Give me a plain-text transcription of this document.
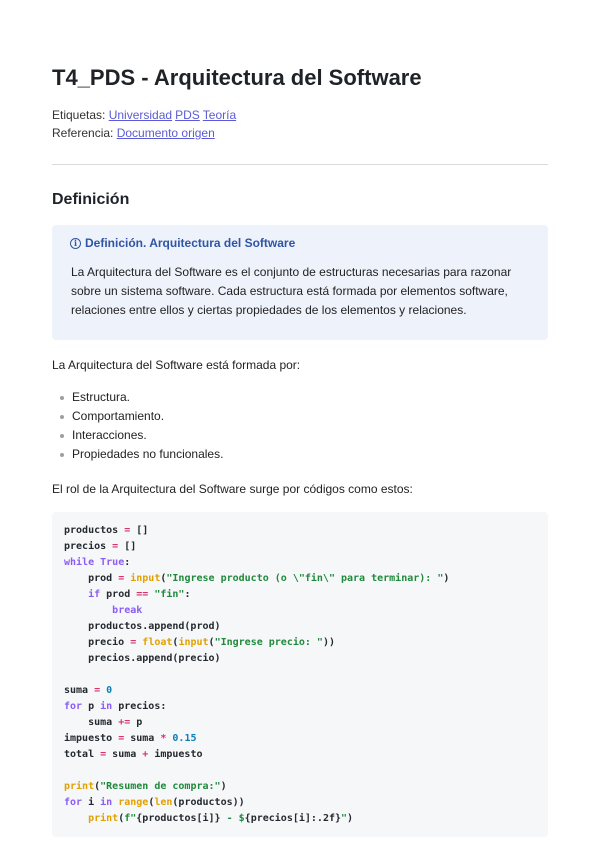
T4_PDS - Arquitectura del Software
Etiquetas: Universidad PDS Teoría
Referencia: Documento origen
Definición
i Definición. Arquitectura del Software

La Arquitectura del Software es el conjunto de estructuras necesarias para razonar sobre un sistema software. Cada estructura está formada por elementos software, relaciones entre ellos y ciertas propiedades de los elementos y relaciones.

La Arquitectura del Software está formada por:

Estructura.
Comportamiento.
Interacciones.
Propiedades no funcionales.

El rol de la Arquitectura del Software surge por códigos como estos:

productos = []
precios = []
while True:
prod = input("Ingrese producto (o \"fin\" para terminar): ")
if prod == "fin":
break
productos.append(prod)
precio = float(input("Ingrese precio: "))
precios.append(precio)
suma = 0
for p in precios:
suma += p
impuesto = suma * 0.15
total = suma + impuesto
print("Resumen de compra:")
for i in range(len(productos))
print(f"{productos[i]} - ${precios[i]:.2f}")
